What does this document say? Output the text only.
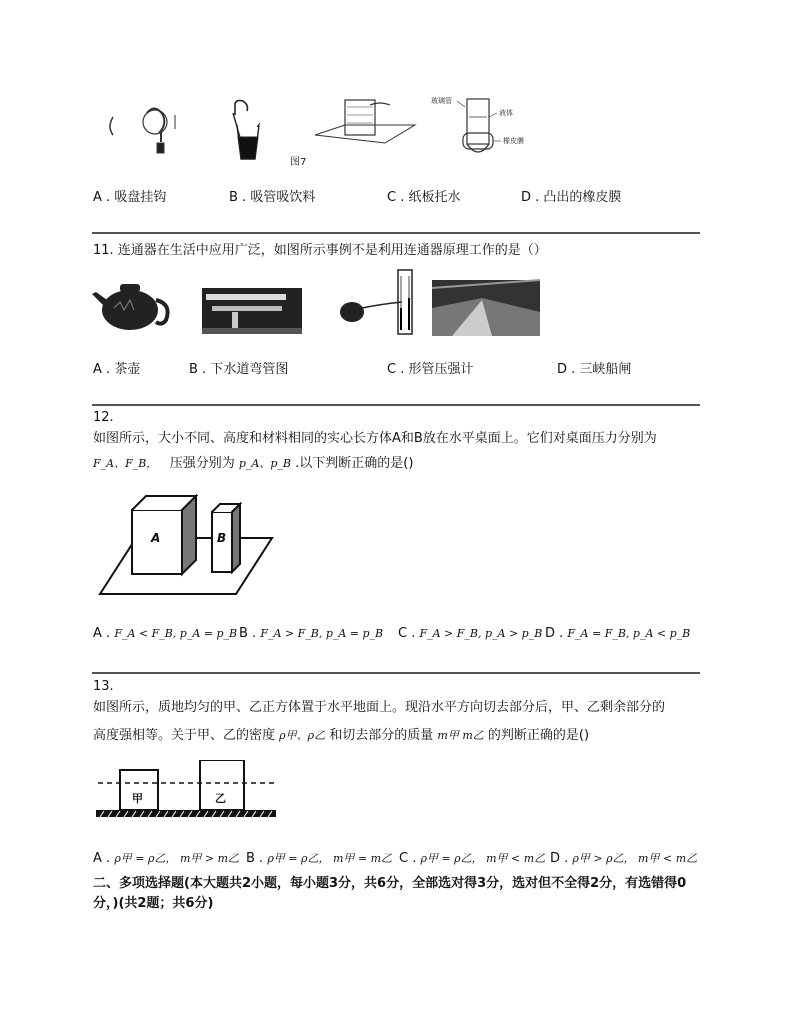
图7
玻璃管
液体
橡皮膜
A . 吸盘挂钩	B . 吸管吸饮料	C . 纸板托水	D . 凸出的橡皮膜
11. 连通器在生活中应用广泛，如图所示事例不是利用连通器原理工作的是（）
A . 茶壶	B . 下水道弯管图	C . 形管压强计	D . 三峡船闸
12.
如图所示，大小不同、高度和材料相同的实心长方体A和B放在水平桌面上。它们对桌面压力分别为
F_A、F_B， 压强分别为 p_A、p_B .以下判断正确的是()
A	B
A . F_A < F_B, p_A = p_B B . F_A > F_B, p_A = p_B C . F_A > F_B, p_A > p_B D . F_A = F_B, p_A < p_B
13.
如图所示，质地均匀的甲、乙正方体置于水平地面上。现沿水平方向切去部分后，甲、乙剩余部分的
高度强相等。关于甲、乙的密度 ρ甲、ρ乙 和切去部分的质量 m甲 m乙 的判断正确的是()
甲	乙
A . ρ甲 = ρ乙， m甲 > m乙 B . ρ甲 = ρ乙， m甲 = m乙 C . ρ甲 = ρ乙， m甲 < m乙 D . ρ甲 > ρ乙， m甲 < m乙
二、多项选择题(本大题共2小题，每小题3分，共6分，全部选对得3分，选对但不全得2分，有选错得0
分，)(共2题；共6分)
